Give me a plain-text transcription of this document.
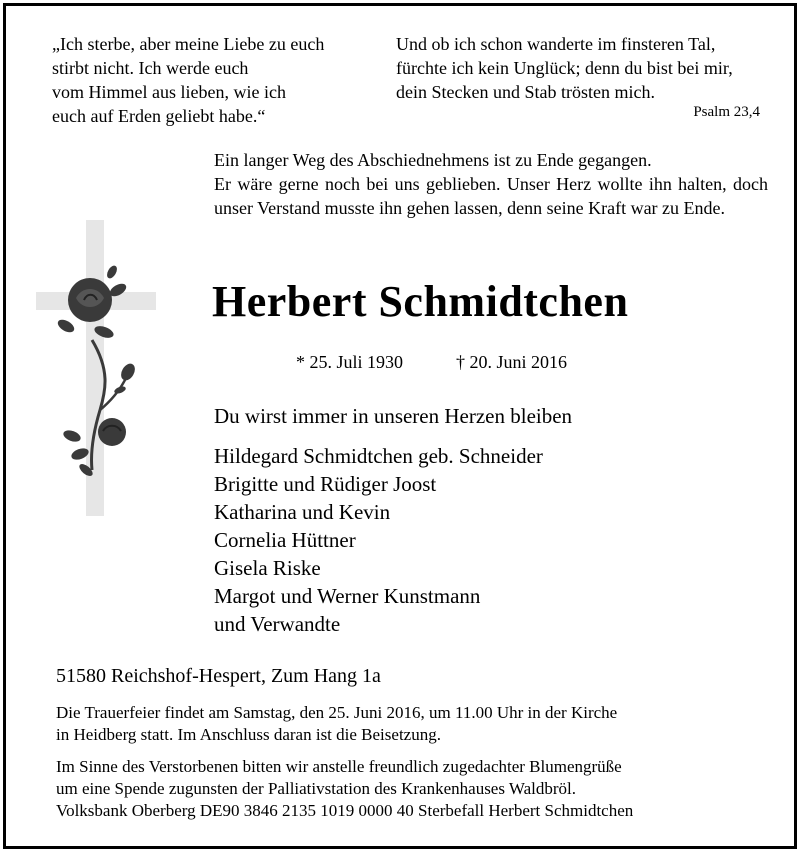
„Ich sterbe, aber meine Liebe zu euch
stirbt nicht. Ich werde euch
vom Himmel aus lieben, wie ich
euch auf Erden geliebt habe.“
Und ob ich schon wanderte im finsteren Tal,
fürchte ich kein Unglück; denn du bist bei mir,
dein Stecken und Stab trösten mich.
Psalm 23,4

Ein langer Weg des Abschiednehmens ist zu Ende gegangen.

Er wäre gerne noch bei uns geblieben. Unser Herz wollte ihn halten, doch unser Verstand musste ihn gehen lassen, denn seine Kraft war zu Ende.

Herbert Schmidtchen
* 25. Juli 1930	† 20. Juni 2016
Du wirst immer in unseren Herzen bleiben
Hildegard Schmidtchen geb. Schneider
Brigitte und Rüdiger Joost
Katharina und Kevin
Cornelia Hüttner
Gisela Riske
Margot und Werner Kunstmann
und Verwandte
51580 Reichshof-Hespert, Zum Hang 1a

Die Trauerfeier findet am Samstag, den 25. Juni 2016, um 11.00 Uhr in der Kirche

in Heidberg statt. Im Anschluss daran ist die Beisetzung.

Im Sinne des Verstorbenen bitten wir anstelle freundlich zugedachter Blumengrüße

um eine Spende zugunsten der Palliativstation des Krankenhauses Waldbröl.

Volksbank Oberberg DE90 3846 2135 1019 0000 40 Sterbefall Herbert Schmidtchen
